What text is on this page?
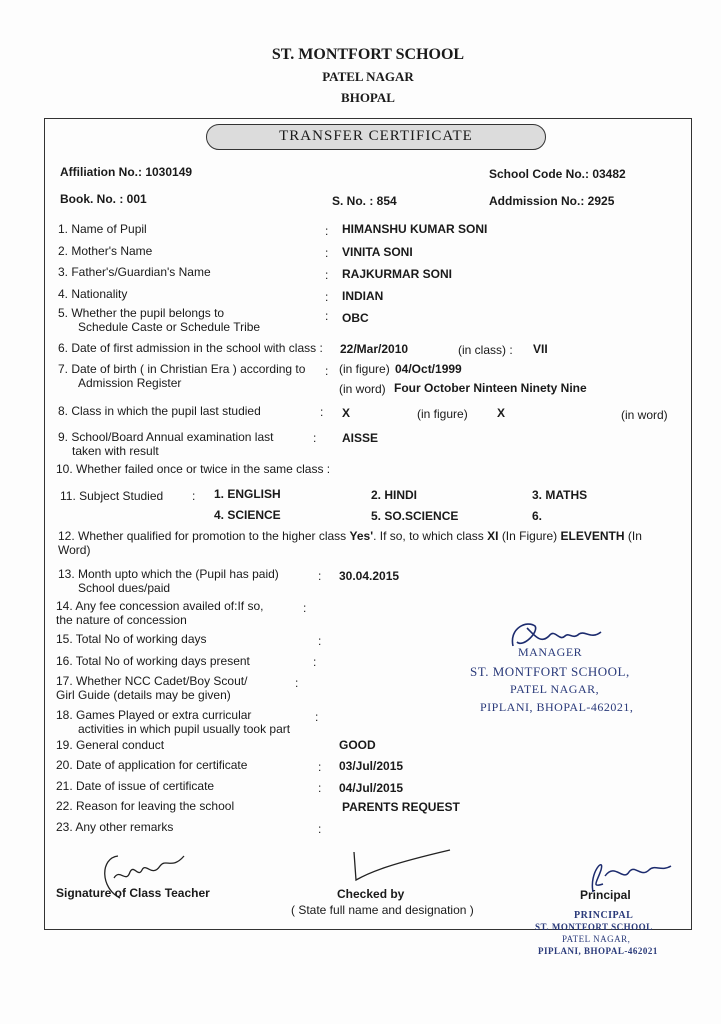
ST. MONTFORT SCHOOL
PATEL NAGAR
BHOPAL
TRANSFER CERTIFICATE
Affiliation No.: 1030149	School Code No.: 03482
Book. No. : 001	S. No. : 854	Addmission No.: 2925
1. Name of Pupil	: HIMANSHU KUMAR SONI
2. Mother's Name	: VINITA SONI
3. Father's/Guardian's Name	: RAJKURMAR SONI
4. Nationality	: INDIAN
5. Whether the pupil belongs to
Schedule Caste or Schedule Tribe
: OBC
6. Date of first admission in the school with class : 22/Mar/2010	(in class) : VII
7. Date of birth ( in Christian Era ) according to
Admission Register
: (in figure) 04/Oct/1999
(in word) Four October Ninteen Ninety Nine
8. Class in which the pupil last studied	: X	(in figure) X	(in word)
9. School/Board Annual examination last
taken with result
: AISSE
10. Whether failed once or twice in the same class :
11. Subject Studied : 1. ENGLISH	2. HINDI	3. MATHS
4. SCIENCE	5. SO.SCIENCE	6.
12. Whether qualified for promotion to the higher class Yes'. If so, to which class XI (In Figure) ELEVENTH (In
Word)
13. Month upto which the (Pupil has paid)
School dues/paid
: 30.04.2015
14. Any fee concession availed of:If so,
the nature of concession
:
15. Total No of working days	:
16. Total No of working days present	:
17. Whether NCC Cadet/Boy Scout/
Girl Guide (details may be given)
:
18. Games Played or extra curricular
activities in which pupil usually took part
:
19. General conduct	GOOD
20. Date of application for certificate	: 03/Jul/2015
21. Date of issue of certificate	: 04/Jul/2015
22. Reason for leaving the school	PARENTS REQUEST
23. Any other remarks	:
MANAGER
ST. MONTFORT SCHOOL,
PATEL NAGAR,
PIPLANI, BHOPAL-462021,
Signature of Class Teacher	Checked by
( State full name and designation )
Principal
PRINCIPAL
ST. MONTFORT SCHOOL
PATEL NAGAR,
PIPLANI, BHOPAL-462021
